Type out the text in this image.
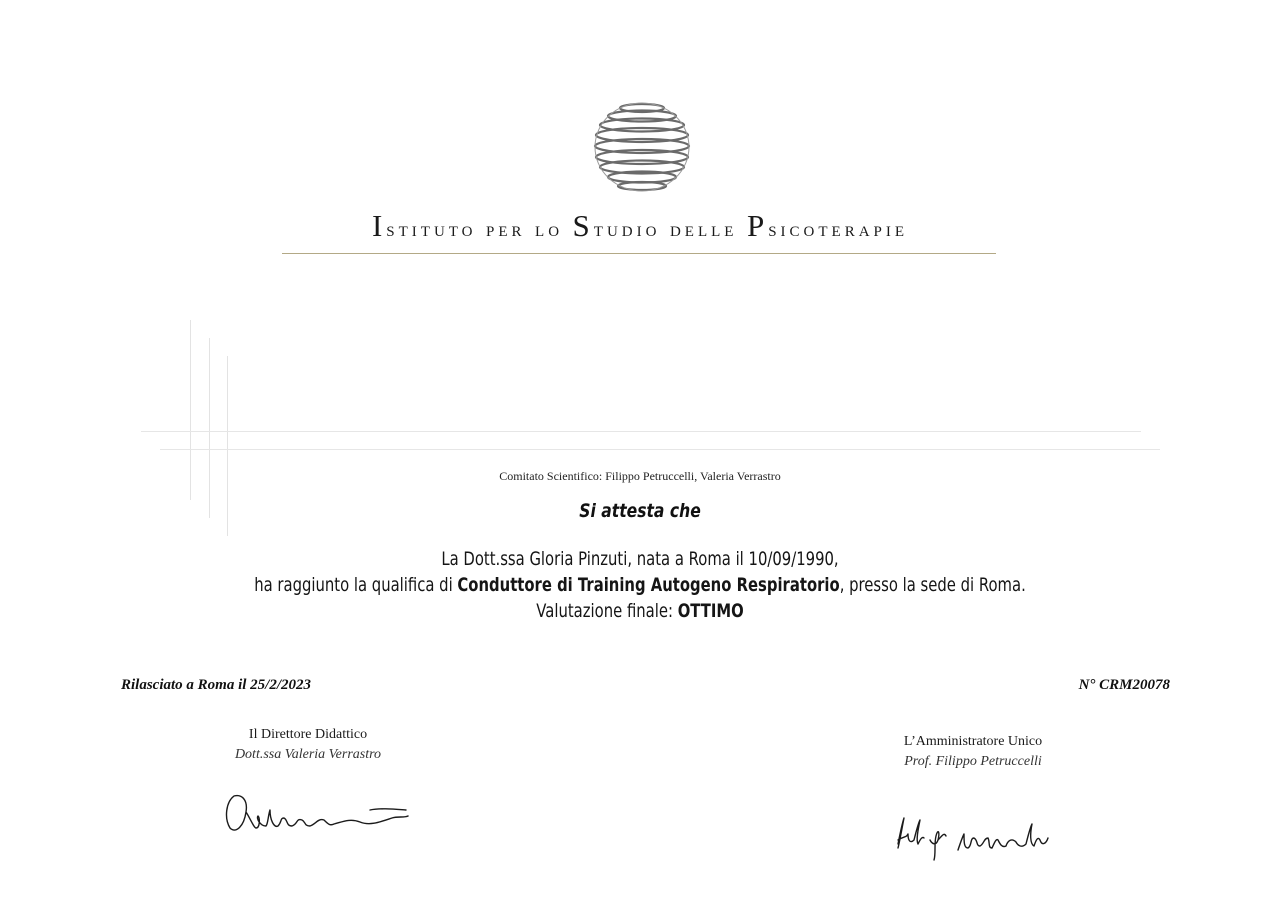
Istituto per lo Studio delle Psicoterapie
Comitato Scientifico: Filippo Petruccelli, Valeria Verrastro
Si attesta che
La Dott.ssa Gloria Pinzuti, nata a Roma il 10/09/1990,
ha raggiunto la qualifica di Conduttore di Training Autogeno Respiratorio, presso la sede di Roma.
Valutazione finale: OTTIMO
Rilasciato a Roma il 25/2/2023	N° CRM20078
Il Direttore Didattico
Dott.ssa Valeria Verrastro
L’Amministratore Unico
Prof. Filippo Petruccelli
